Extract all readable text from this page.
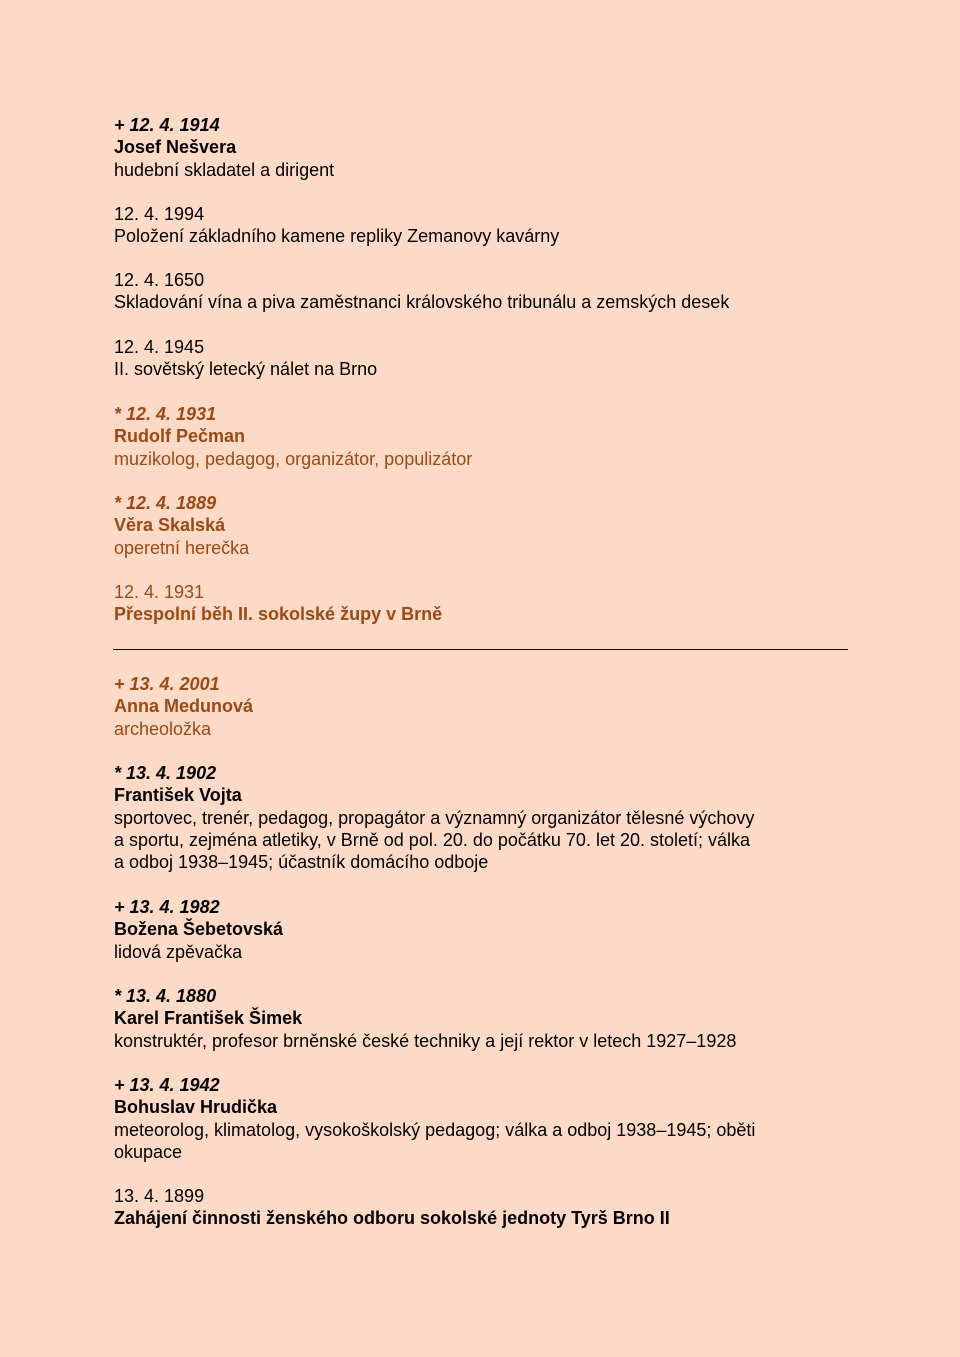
+ 12. 4. 1914
Josef Nešvera
hudební skladatel a dirigent
12. 4. 1994
Položení základního kamene repliky Zemanovy kavárny
12. 4. 1650
Skladování vína a piva zaměstnanci královského tribunálu a zemských desek
12. 4. 1945
II. sovětský letecký nálet na Brno
* 12. 4. 1931
Rudolf Pečman
muzikolog, pedagog, organizátor, populizátor
* 12. 4. 1889
Věra Skalská
operetní herečka
12. 4. 1931
Přespolní běh II. sokolské župy v Brně
+ 13. 4. 2001
Anna Medunová
archeoložka
* 13. 4. 1902
František Vojta
sportovec, trenér, pedagog, propagátor a významný organizátor tělesné výchovy
a sportu, zejména atletiky, v Brně od pol. 20. do počátku 70. let 20. století; válka
a odboj 1938–1945; účastník domácího odboje
+ 13. 4. 1982
Božena Šebetovská
lidová zpěvačka
* 13. 4. 1880
Karel František Šimek
konstruktér, profesor brněnské české techniky a její rektor v letech 1927–1928
+ 13. 4. 1942
Bohuslav Hrudička
meteorolog, klimatolog, vysokoškolský pedagog; válka a odboj 1938–1945; oběti
okupace
13. 4. 1899
Zahájení činnosti ženského odboru sokolské jednoty Tyrš Brno II
